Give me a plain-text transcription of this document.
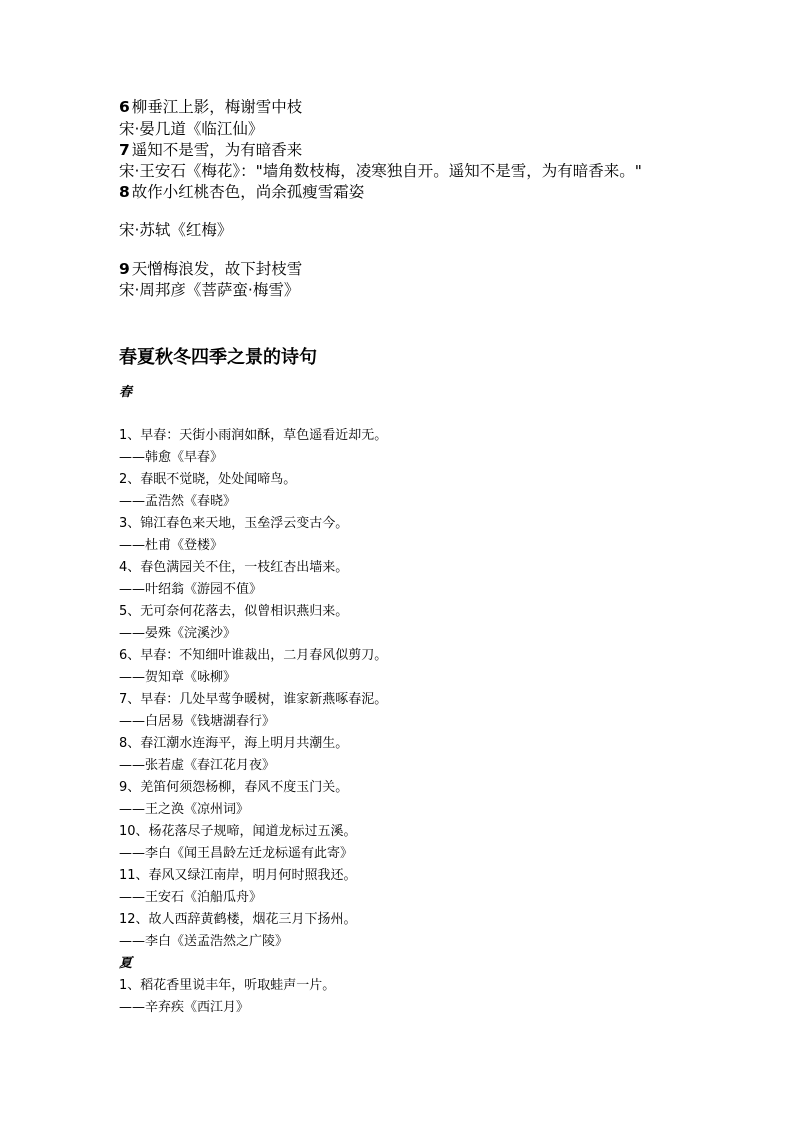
6 柳垂江上影，梅谢雪中枝
宋·晏几道《临江仙》
7 遥知不是雪，为有暗香来
宋·王安石《梅花》："墙角数枝梅，凌寒独自开。遥知不是雪，为有暗香来。"
8 故作小红桃杏色，尚余孤瘦雪霜姿
宋·苏轼《红梅》
9 天憎梅浪发，故下封枝雪
宋·周邦彦《菩萨蛮·梅雪》
春夏秋冬四季之景的诗句
春
1、早春：天街小雨润如酥，草色遥看近却无。
——韩愈《早春》
2、春眠不觉晓，处处闻啼鸟。
——孟浩然《春晓》
3、锦江春色来天地，玉垒浮云变古今。
——杜甫《登楼》
4、春色满园关不住，一枝红杏出墙来。
——叶绍翁《游园不值》
5、无可奈何花落去，似曾相识燕归来。
——晏殊《浣溪沙》
6、早春：不知细叶谁裁出，二月春风似剪刀。
——贺知章《咏柳》
7、早春：几处早莺争暖树，谁家新燕啄春泥。
——白居易《钱塘湖春行》
8、春江潮水连海平，海上明月共潮生。
——张若虚《春江花月夜》
9、羌笛何须怨杨柳，春风不度玉门关。
——王之涣《凉州词》
10、杨花落尽子规啼，闻道龙标过五溪。
——李白《闻王昌龄左迁龙标遥有此寄》
11、春风又绿江南岸，明月何时照我还。
——王安石《泊船瓜舟》
12、故人西辞黄鹤楼，烟花三月下扬州。
——李白《送孟浩然之广陵》
夏
1、稻花香里说丰年，听取蛙声一片。
——辛弃疾《西江月》
